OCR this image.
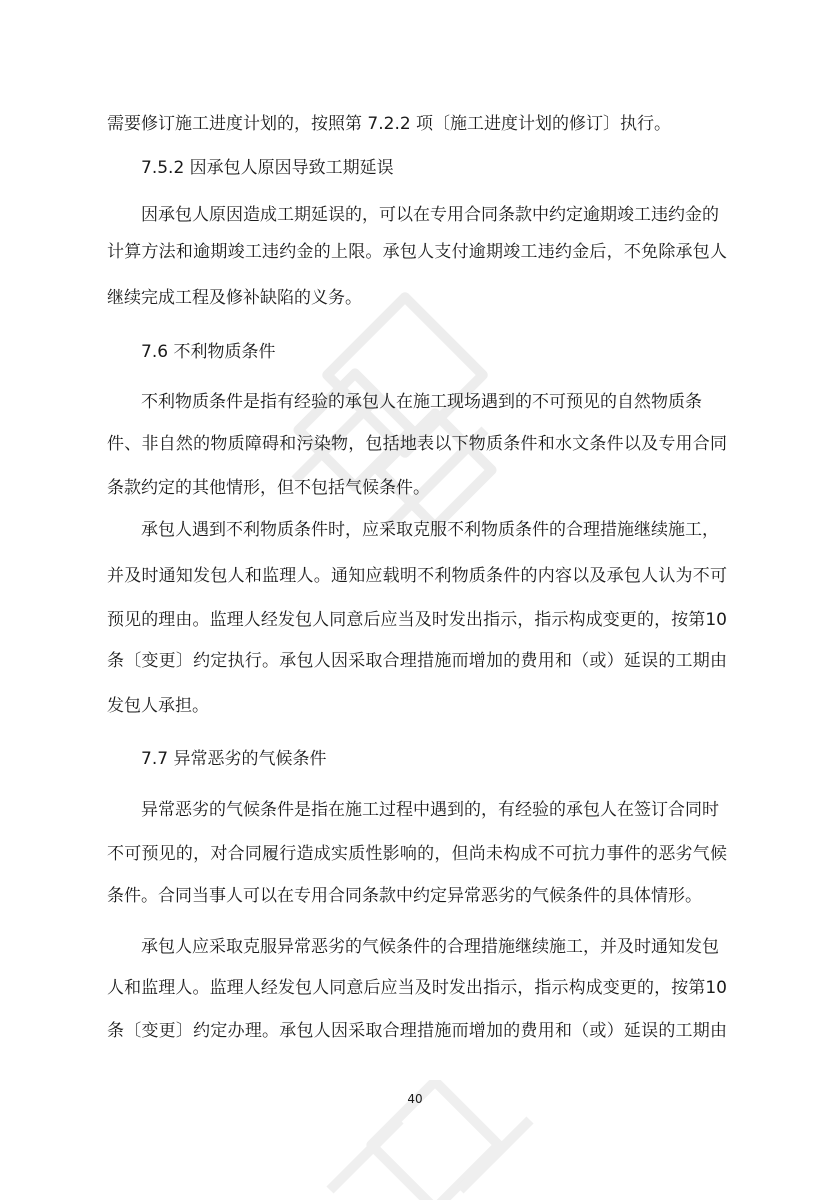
需要修订施工进度计划的，按照第 7.2.2 项〔施工进度计划的修订〕执行。
7.5.2 因承包人原因导致工期延误
因承包人原因造成工期延误的，可以在专用合同条款中约定逾期竣工违约金的
计算方法和逾期竣工违约金的上限。承包人支付逾期竣工违约金后，不免除承包人
继续完成工程及修补缺陷的义务。
7.6 不利物质条件
不利物质条件是指有经验的承包人在施工现场遇到的不可预见的自然物质条
件、非自然的物质障碍和污染物，包括地表以下物质条件和水文条件以及专用合同
条款约定的其他情形，但不包括气候条件。
承包人遇到不利物质条件时，应采取克服不利物质条件的合理措施继续施工，
并及时通知发包人和监理人。通知应载明不利物质条件的内容以及承包人认为不可
预见的理由。监理人经发包人同意后应当及时发出指示，指示构成变更的，按第10
条〔变更〕约定执行。承包人因采取合理措施而增加的费用和（或）延误的工期由
发包人承担。
7.7 异常恶劣的气候条件
异常恶劣的气候条件是指在施工过程中遇到的，有经验的承包人在签订合同时
不可预见的，对合同履行造成实质性影响的，但尚未构成不可抗力事件的恶劣气候
条件。合同当事人可以在专用合同条款中约定异常恶劣的气候条件的具体情形。
承包人应采取克服异常恶劣的气候条件的合理措施继续施工，并及时通知发包
人和监理人。监理人经发包人同意后应当及时发出指示，指示构成变更的，按第10
条〔变更〕约定办理。承包人因采取合理措施而增加的费用和（或）延误的工期由
40
